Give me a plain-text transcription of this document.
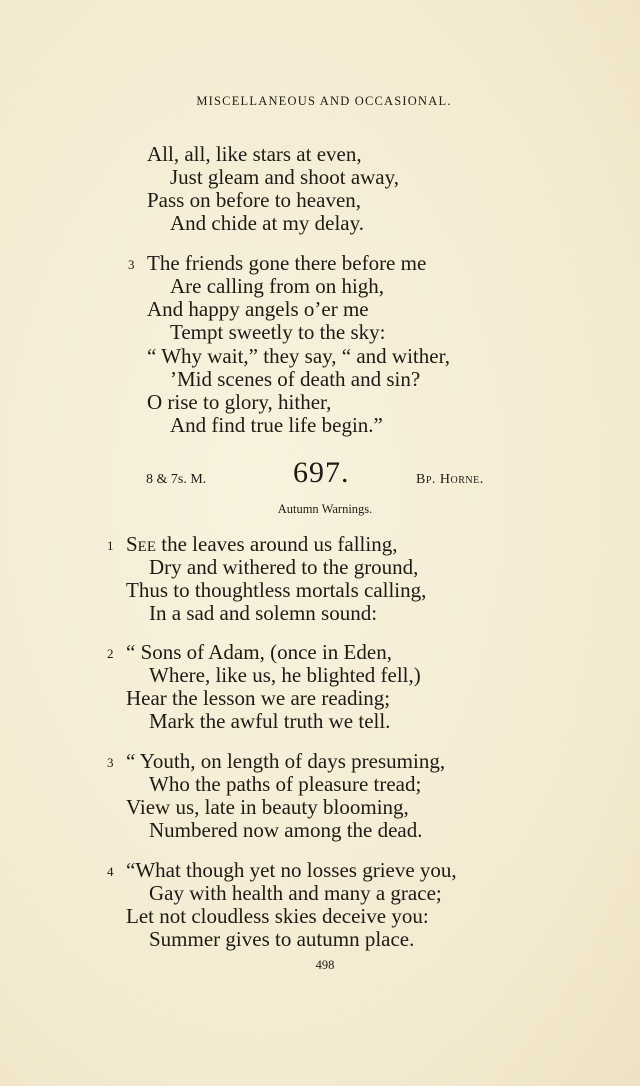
MISCELLANEOUS AND OCCASIONAL.
All, all, like stars at even,
Just gleam and shoot away,
Pass on before to heaven,
And chide at my delay.
3 The friends gone there before me
Are calling from on high,
And happy angels o’er me
Tempt sweetly to the sky:
“ Why wait,” they say, “ and wither,
’Mid scenes of death and sin?
O rise to glory, hither,
And find true life begin.”
8 & 7s. M.	697.	Bp. Horne.
Autumn Warnings.
1 See the leaves around us falling,
Dry and withered to the ground,
Thus to thoughtless mortals calling,
In a sad and solemn sound:
2 “ Sons of Adam, (once in Eden,
Where, like us, he blighted fell,)
Hear the lesson we are reading;
Mark the awful truth we tell.
3 “ Youth, on length of days presuming,
Who the paths of pleasure tread;
View us, late in beauty blooming,
Numbered now among the dead.
4 “What though yet no losses grieve you,
Gay with health and many a grace;
Let not cloudless skies deceive you:
Summer gives to autumn place.
498
